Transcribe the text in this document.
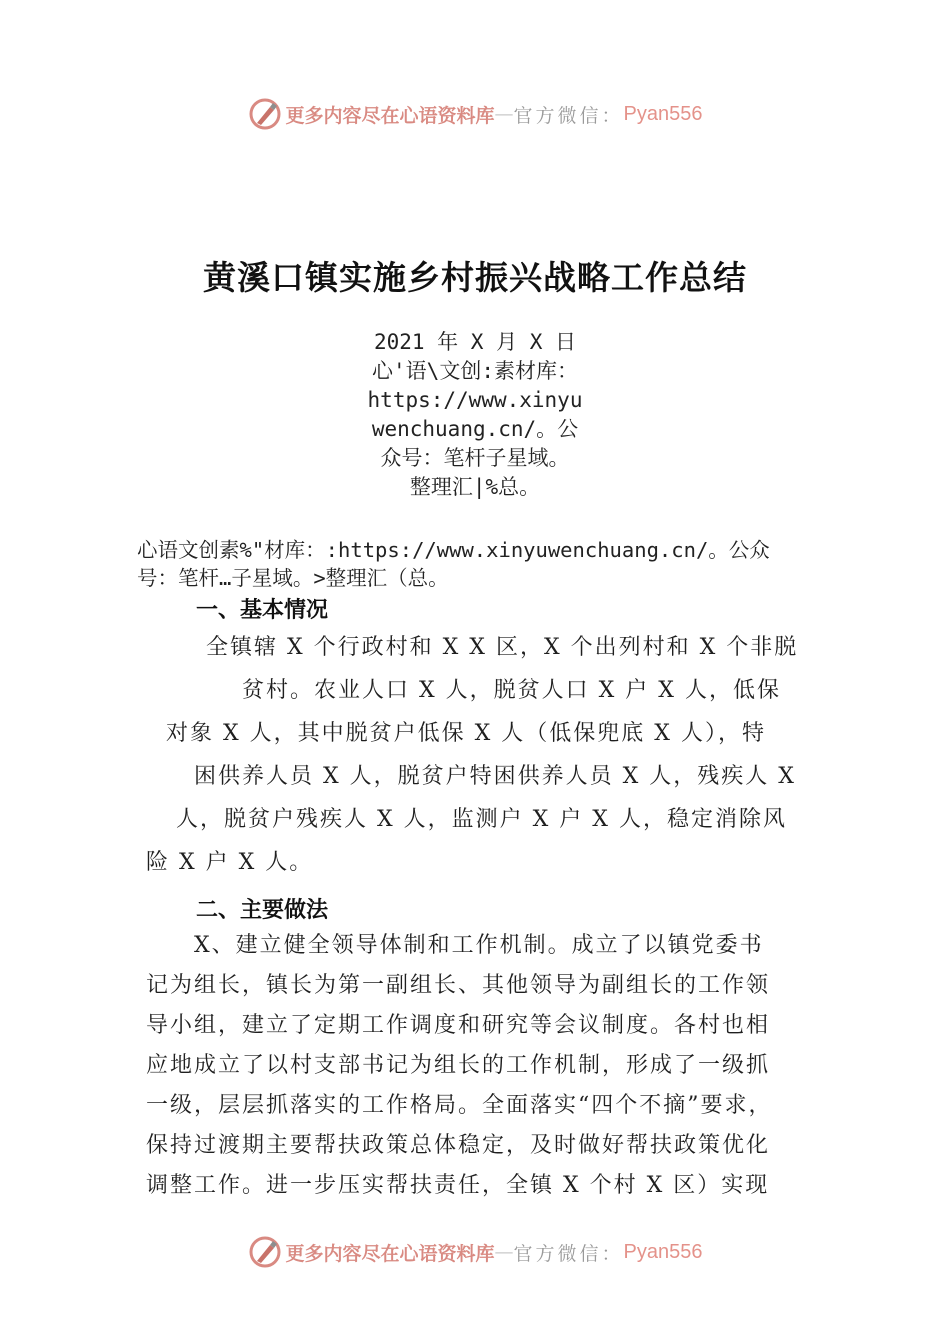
更多内容尽在心语资料库 — 官方微信： Pyan556
黄溪口镇实施乡村振兴战略工作总结
2021 年 X 月 X 日
心'语\文创:素材库：
https://www.xinyu
wenchuang.cn/。公
众号：笔杆子星域。
整理汇|%总。
心语文创素%"材库：:https://www.xinyuwenchuang.cn/。公众
号：笔杆…子星域。>整理汇（总。
一、基本情况
全镇辖 X 个行政村和 X X 区，X 个出列村和 X 个非脱
贫村。农业人口 X 人，脱贫人口 X 户 X 人，低保
对象 X 人，其中脱贫户低保 X 人（低保兜底 X 人），特
困供养人员 X 人，脱贫户特困供养人员 X 人，残疾人 X
人，脱贫户残疾人 X 人，监测户 X 户 X 人，稳定消除风
险 X 户 X 人。
二、主要做法
X、建立健全领导体制和工作机制。成立了以镇党委书
记为组长，镇长为第一副组长、其他领导为副组长的工作领
导小组，建立了定期工作调度和研究等会议制度。各村也相
应地成立了以村支部书记为组长的工作机制，形成了一级抓
一级，层层抓落实的工作格局。全面落实“四个不摘”要求，
保持过渡期主要帮扶政策总体稳定，及时做好帮扶政策优化
调整工作。进一步压实帮扶责任，全镇 X 个村 X 区）实现
更多内容尽在心语资料库 — 官方微信： Pyan556
